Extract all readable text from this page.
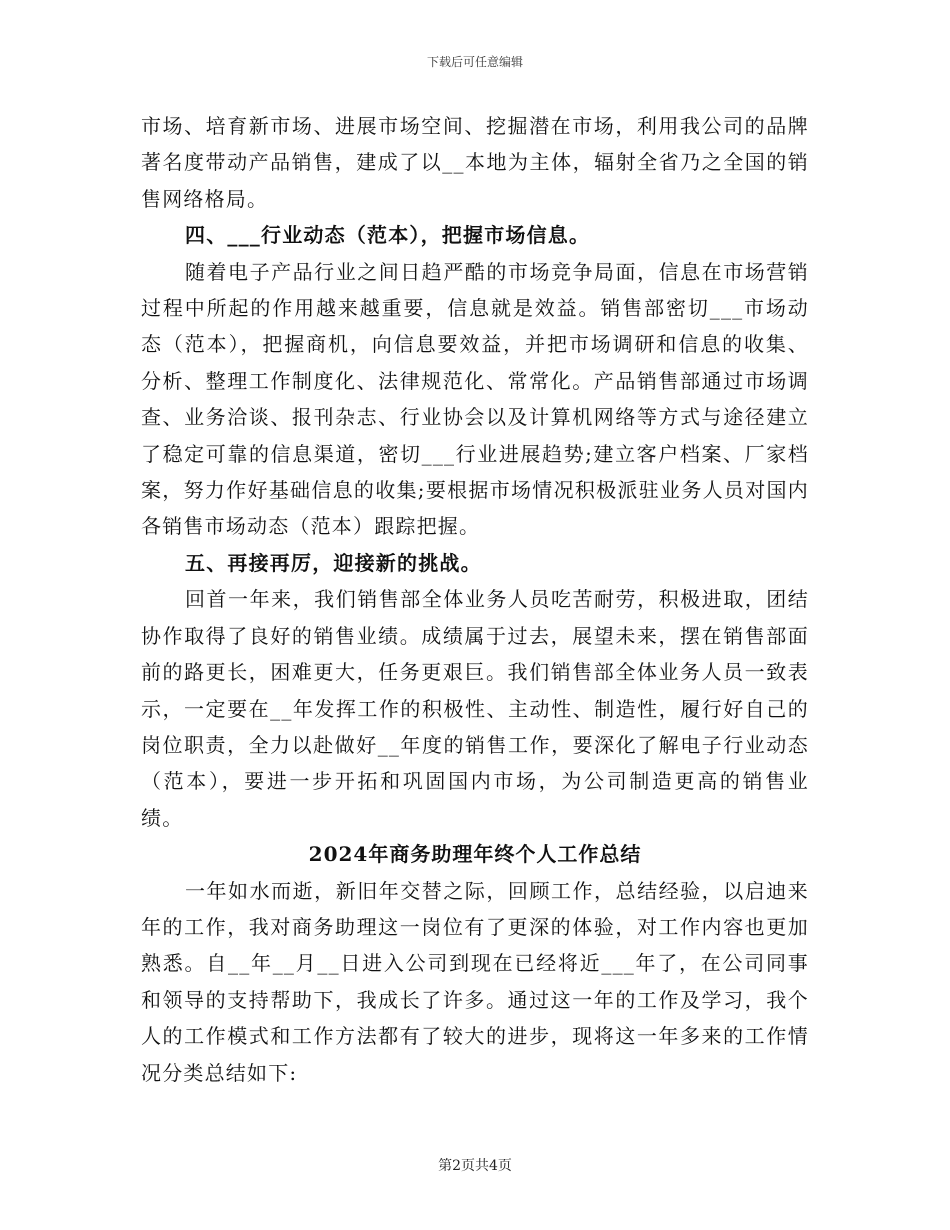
下载后可任意编辑

市场、培育新市场、进展市场空间、挖掘潜在市场，利用我公司的品牌著名度带动产品销售，建成了以__本地为主体，辐射全省乃之全国的销售网络格局。

四、___行业动态（范本），把握市场信息。

随着电子产品行业之间日趋严酷的市场竞争局面，信息在市场营销过程中所起的作用越来越重要，信息就是效益。销售部密切___市场动态（范本），把握商机，向信息要效益，并把市场调研和信息的收集、分析、整理工作制度化、法律规范化、常常化。产品销售部通过市场调查、业务洽谈、报刊杂志、行业协会以及计算机网络等方式与途径建立了稳定可靠的信息渠道，密切___行业进展趋势;建立客户档案、厂家档案，努力作好基础信息的收集;要根据市场情况积极派驻业务人员对国内各销售市场动态（范本）跟踪把握。

五、再接再厉，迎接新的挑战。

回首一年来，我们销售部全体业务人员吃苦耐劳，积极进取，团结协作取得了良好的销售业绩。成绩属于过去，展望未来，摆在销售部面前的路更长，困难更大，任务更艰巨。我们销售部全体业务人员一致表示，一定要在__年发挥工作的积极性、主动性、制造性，履行好自己的岗位职责，全力以赴做好__年度的销售工作，要深化了解电子行业动态（范本），要进一步开拓和巩固国内市场，为公司制造更高的销售业绩。

2024年商务助理年终个人工作总结

一年如水而逝，新旧年交替之际，回顾工作，总结经验，以启迪来年的工作，我对商务助理这一岗位有了更深的体验，对工作内容也更加熟悉。自__年__月__日进入公司到现在已经将近___年了，在公司同事和领导的支持帮助下，我成长了许多。通过这一年的工作及学习，我个人的工作模式和工作方法都有了较大的进步，现将这一年多来的工作情况分类总结如下:

第2页共4页
